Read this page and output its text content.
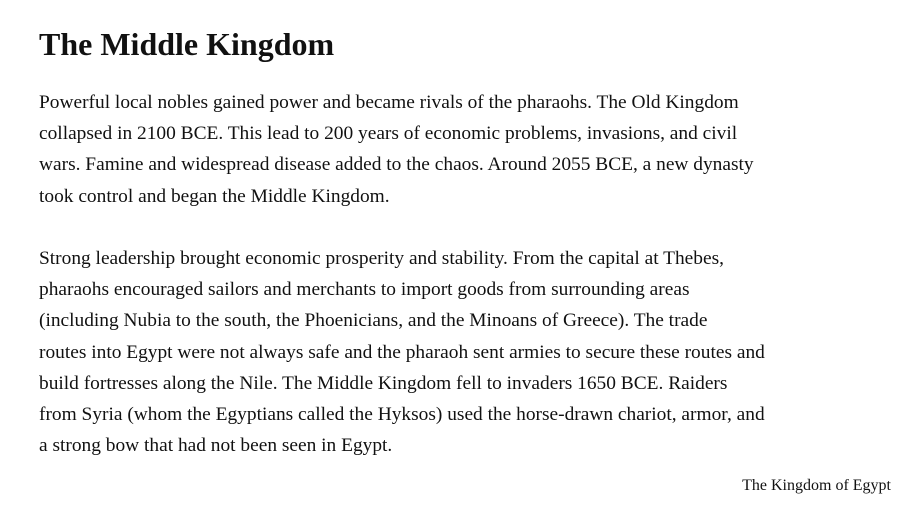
The Middle Kingdom
Powerful local nobles gained power and became rivals of the pharaohs. The Old Kingdom
collapsed in 2100 BCE. This lead to 200 years of economic problems, invasions, and civil
wars. Famine and widespread disease added to the chaos. Around 2055 BCE, a new dynasty
took control and began the Middle Kingdom.
Strong leadership brought economic prosperity and stability. From the capital at Thebes,
pharaohs encouraged sailors and merchants to import goods from surrounding areas
(including Nubia to the south, the Phoenicians, and the Minoans of Greece). The trade
routes into Egypt were not always safe and the pharaoh sent armies to secure these routes and
build fortresses along the Nile. The Middle Kingdom fell to invaders 1650 BCE. Raiders
from Syria (whom the Egyptians called the Hyksos) used the horse-drawn chariot, armor, and
a strong bow that had not been seen in Egypt.
The Kingdom of Egypt
